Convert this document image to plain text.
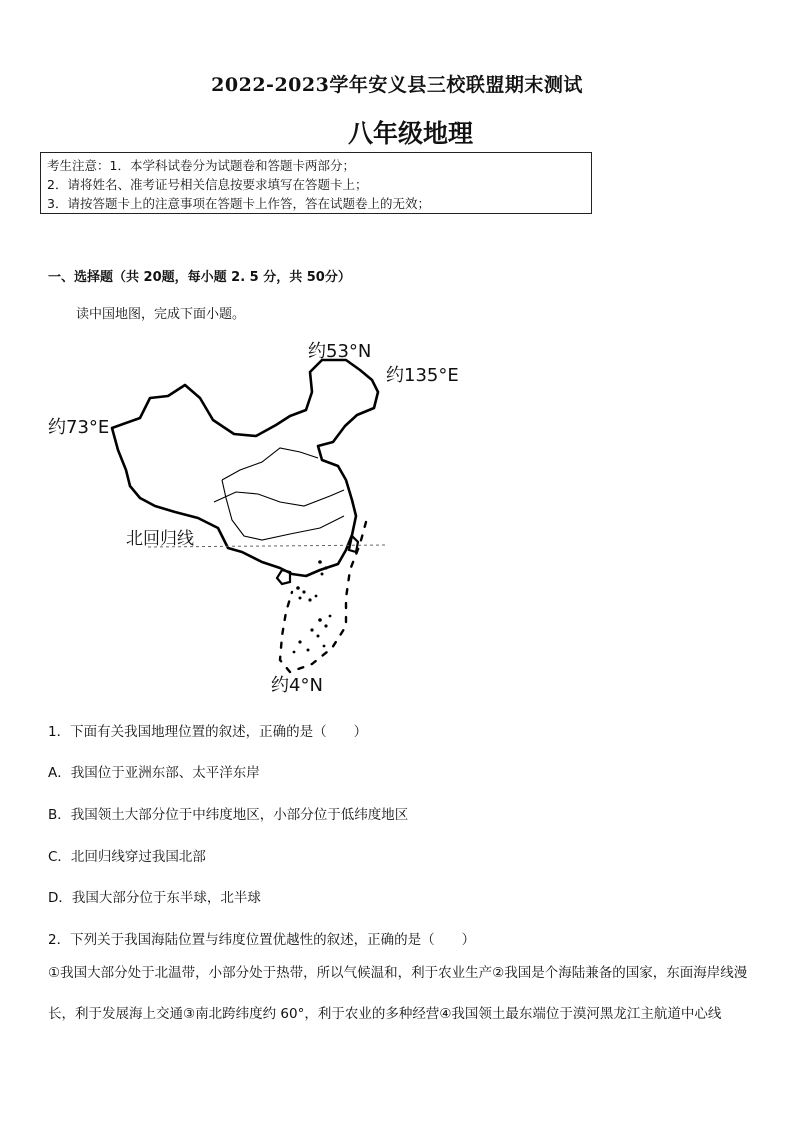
2022-2023学年安义县三校联盟期末测试
八年级地理
考生注意：1．本学科试卷分为试题卷和答题卡两部分；
2．请将姓名、准考证号相关信息按要求填写在答题卡上；
3．请按答题卡上的注意事项在答题卡上作答，答在试题卷上的无效；
一、选择题（共 20题，每小题 2. 5 分，共 50分）
读中国地图，完成下面小题。
约53°N
约135°E
约73°E
北回归线
约4°N
1．下面有关我国地理位置的叙述，正确的是（　　）
A．我国位于亚洲东部、太平洋东岸
B．我国领土大部分位于中纬度地区，小部分位于低纬度地区
C．北回归线穿过我国北部
D．我国大部分位于东半球，北半球
2．下列关于我国海陆位置与纬度位置优越性的叙述，正确的是（　　）
①我国大部分处于北温带，小部分处于热带，所以气候温和，利于农业生产②我国是个海陆兼备的国家，东面海岸线漫长，利于发展海上交通③南北跨纬度约 60°，利于农业的多种经营④我国领土最东端位于漠河黑龙江主航道中心线
